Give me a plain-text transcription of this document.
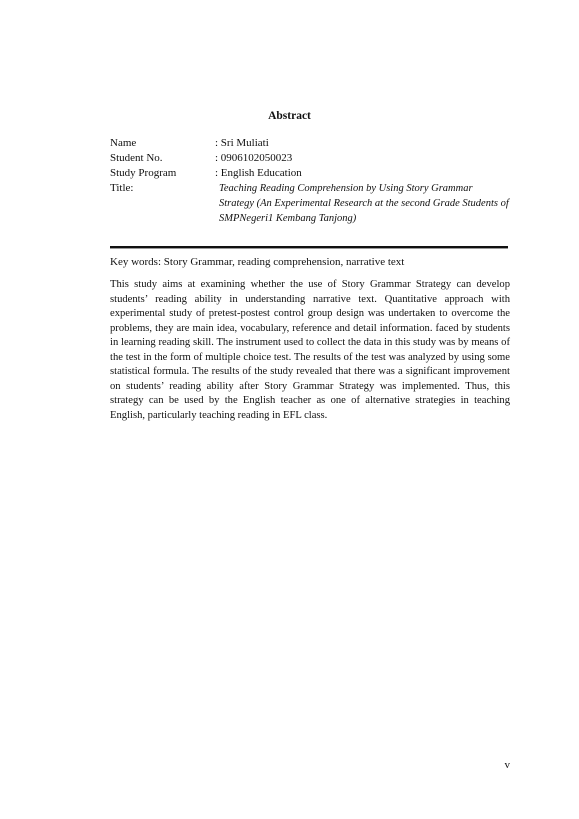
Abstract
Name	: Sri Muliati
Student No.	: 0906102050023
Study Program	: English Education
Title:	Teaching Reading Comprehension by Using Story Grammar Strategy (An Experimental Research at the second Grade Students of SMPNegeri1 Kembang Tanjong)
Key words: Story Grammar, reading comprehension, narrative text

This study aims at examining whether the use of Story Grammar Strategy can develop students’ reading ability in understanding narrative text. Quantitative approach with experimental study of pretest-postest control group design was undertaken to overcome the problems, they are main idea, vocabulary, reference and detail information. faced by students in learning reading skill. The instrument used to collect the data in this study was by means of the test in the form of multiple choice test. The results of the test was analyzed by using some statistical formula. The results of the study revealed that there was a significant improvement on students’ reading ability after Story Grammar Strategy was implemented. Thus, this strategy can be used by the English teacher as one of alternative strategies in teaching English, particularly teaching reading in EFL class.

v
